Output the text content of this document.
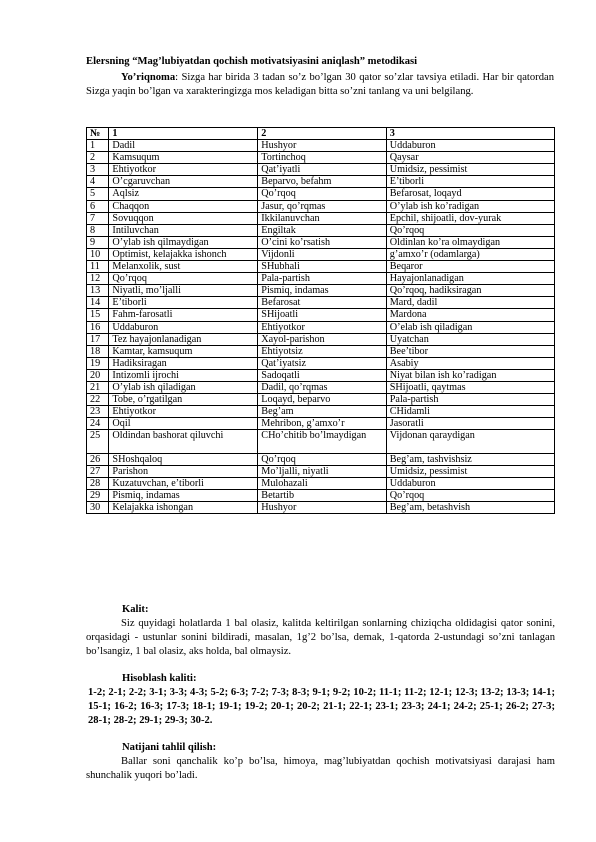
Elersning “Mag’lubiyatdan qochish motivatsiyasini aniqlash” metodikasi
Yo’riqnoma: Sizga har birida 3 tadan so’z bo’lgan 30 qator so’zlar tavsiya etiladi. Har bir qatordan Sizga yaqin bo’lgan va xarakteringizga mos keladigan bitta so’zni tanlang va uni belgilang.
№	1	2	3
1	Dadil	Hushyor	Uddaburon
2	Kamsuqum	Tortinchoq	Qaysar
3	Ehtiyotkor	Qat’iyatli	Umidsiz, pessimist
4	O’cgaruvchan	Beparvo, befahm	E’tiborli
5	Aqlsiz	Qo’rqoq	Befarosat, loqayd
6	Chaqqon	Jasur, qo’rqmas	O’ylab ish ko’radigan
7	Sovuqqon	Ikkilanuvchan	Epchil, shijoatli, dov-yurak
8	Intiluvchan	Engiltak	Qo’rqoq
9	O’ylab ish qilmaydigan	O’cini ko’rsatish	Oldinlan ko’ra olmaydigan
10	Optimist, kelajakka ishonch	Vijdonli	g’amxo’r (odamlarga)
11	Melanxolik, sust	SHubhali	Beqaror
12	Qo’rqoq	Pala-partish	Hayajonlanadigan
13	Niyatli, mo’ljalli	Pismiq, indamas	Qo’rqoq, hadiksiragan
14	E’tiborli	Befarosat	Mard, dadil
15	Fahm-farosatli	SHijoatli	Mardona
16	Uddaburon	Ehtiyotkor	O’elab ish qiladigan
17	Tez hayajonlanadigan	Xayol-parishon	Uyatchan
18	Kamtar, kamsuqum	Ehtiyotsiz	Bee’tibor
19	Hadiksiragan	Qat’iyatsiz	Asabiy
20	Intizomli ijrochi	Sadoqatli	Niyat bilan ish ko’radigan
21	O’ylab ish qiladigan	Dadil, qo’rqmas	SHijoatli, qaytmas
22	Tobe, o’rgatilgan	Loqayd, beparvo	Pala-partish
23	Ehtiyotkor	Beg’am	CHidamli
24	Oqil	Mehribon, g’amxo’r	Jasoratli
25	Oldindan bashorat qiluvchi	CHo’chitib bo’lmaydigan	Vijdonan qaraydigan
26	SHoshqaloq	Qo’rqoq	Beg’am, tashvishsiz
27	Parishon	Mo’ljalli, niyatli	Umidsiz, pessimist
28	Kuzatuvchan, e’tiborli	Mulohazali	Uddaburon
29	Pismiq, indamas	Betartib	Qo’rqoq
30	Kelajakka ishongan	Hushyor	Beg’am, betashvish
Kalit:
Siz quyidagi holatlarda 1 bal olasiz, kalitda keltirilgan sonlarning chiziqcha oldidagisi qator sonini, orqasidagi - ustunlar sonini bildiradi, masalan, 1g’2 bo’lsa, demak, 1-qatorda 2-ustundagi so’zni tanlagan bo’lsangiz, 1 bal olasiz, aks holda, bal olmaysiz.
Hisoblash kaliti:
1-2; 2-1; 2-2; 3-1; 3-3; 4-3; 5-2; 6-3; 7-2; 7-3; 8-3; 9-1; 9-2; 10-2; 11-1; 11-2; 12-1; 12-3; 13-2; 13-3; 14-1; 15-1; 16-2; 16-3; 17-3; 18-1; 19-1; 19-2; 20-1; 20-2; 21-1; 22-1; 23-1; 23-3; 24-1; 24-2; 25-1; 26-2; 27-3; 28-1; 28-2; 29-1; 29-3; 30-2.
Natijani tahlil qilish:
Ballar soni qanchalik ko’p bo’lsa, himoya, mag’lubiyatdan qochish motivatsiyasi darajasi ham shunchalik yuqori bo’ladi.
